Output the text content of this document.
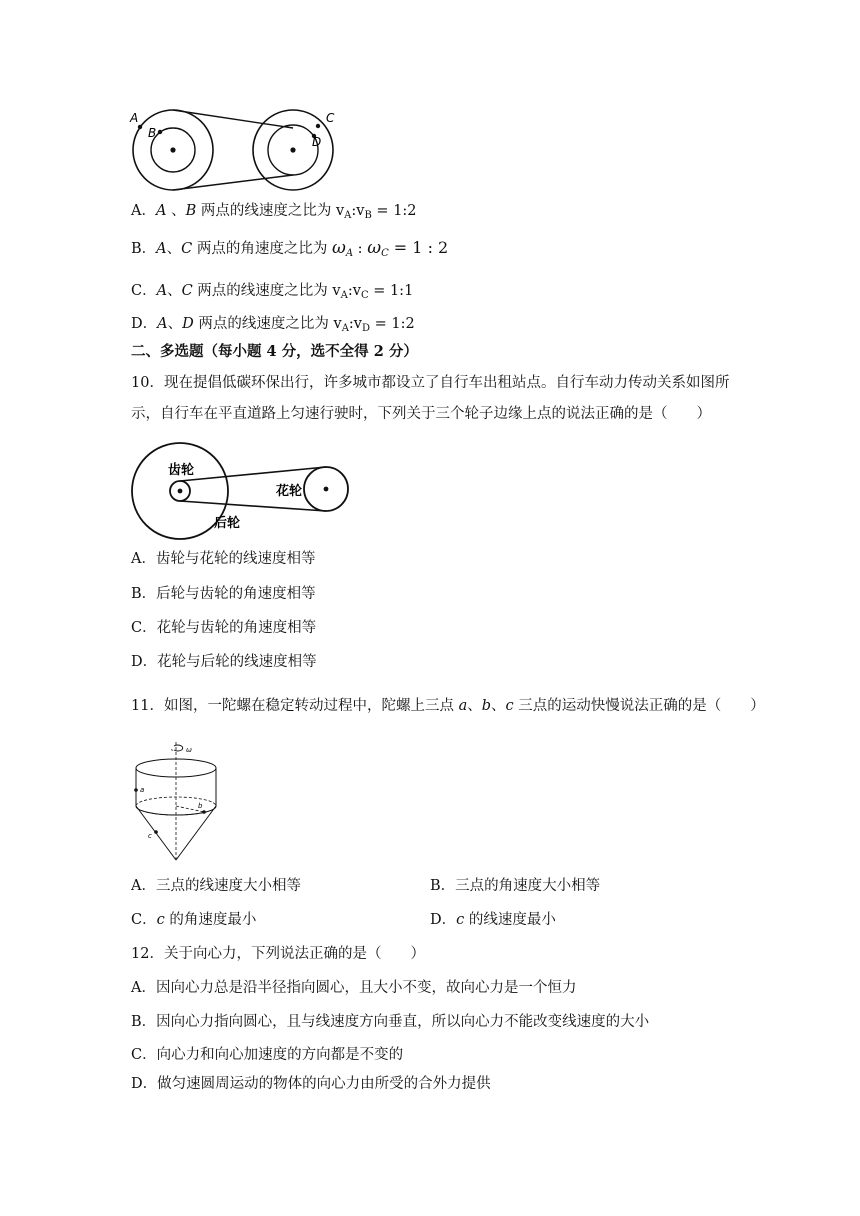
A
B
C
D
A．A 、B 两点的线速度之比为 $v_A:v_B$ = 1:2
B．A、C 两点的角速度之比为 $\omega_A$ : $\omega_C = 1$ : 2
C．A、C 两点的线速度之比为 $v_A:v_C$ = 1:1
D．A、D 两点的线速度之比为 $v_A:v_D$ = 1:2
二、多选题（每小题 4 分，选不全得 2 分）
10．现在提倡低碳环保出行，许多城市都设立了自行车出租站点。自行车动力传动关系如图所示，自行车在平直道路上匀速行驶时，下列关于三个轮子边缘上点的说法正确的是（　　）
齿轮
花轮
后轮
A．齿轮与花轮的线速度相等
B．后轮与齿轮的角速度相等
C．花轮与齿轮的角速度相等
D．花轮与后轮的线速度相等
11．如图，一陀螺在稳定转动过程中，陀螺上三点 a、b、c 三点的运动快慢说法正确的是（　　）
ω
a
b
c
A．三点的线速度大小相等	B．三点的角速度大小相等
C．c 的角速度最小	D．c 的线速度最小
12．关于向心力，下列说法正确的是（　　）
A．因向心力总是沿半径指向圆心，且大小不变，故向心力是一个恒力
B．因向心力指向圆心，且与线速度方向垂直，所以向心力不能改变线速度的大小
C．向心力和向心加速度的方向都是不变的
D．做匀速圆周运动的物体的向心力由所受的合外力提供
